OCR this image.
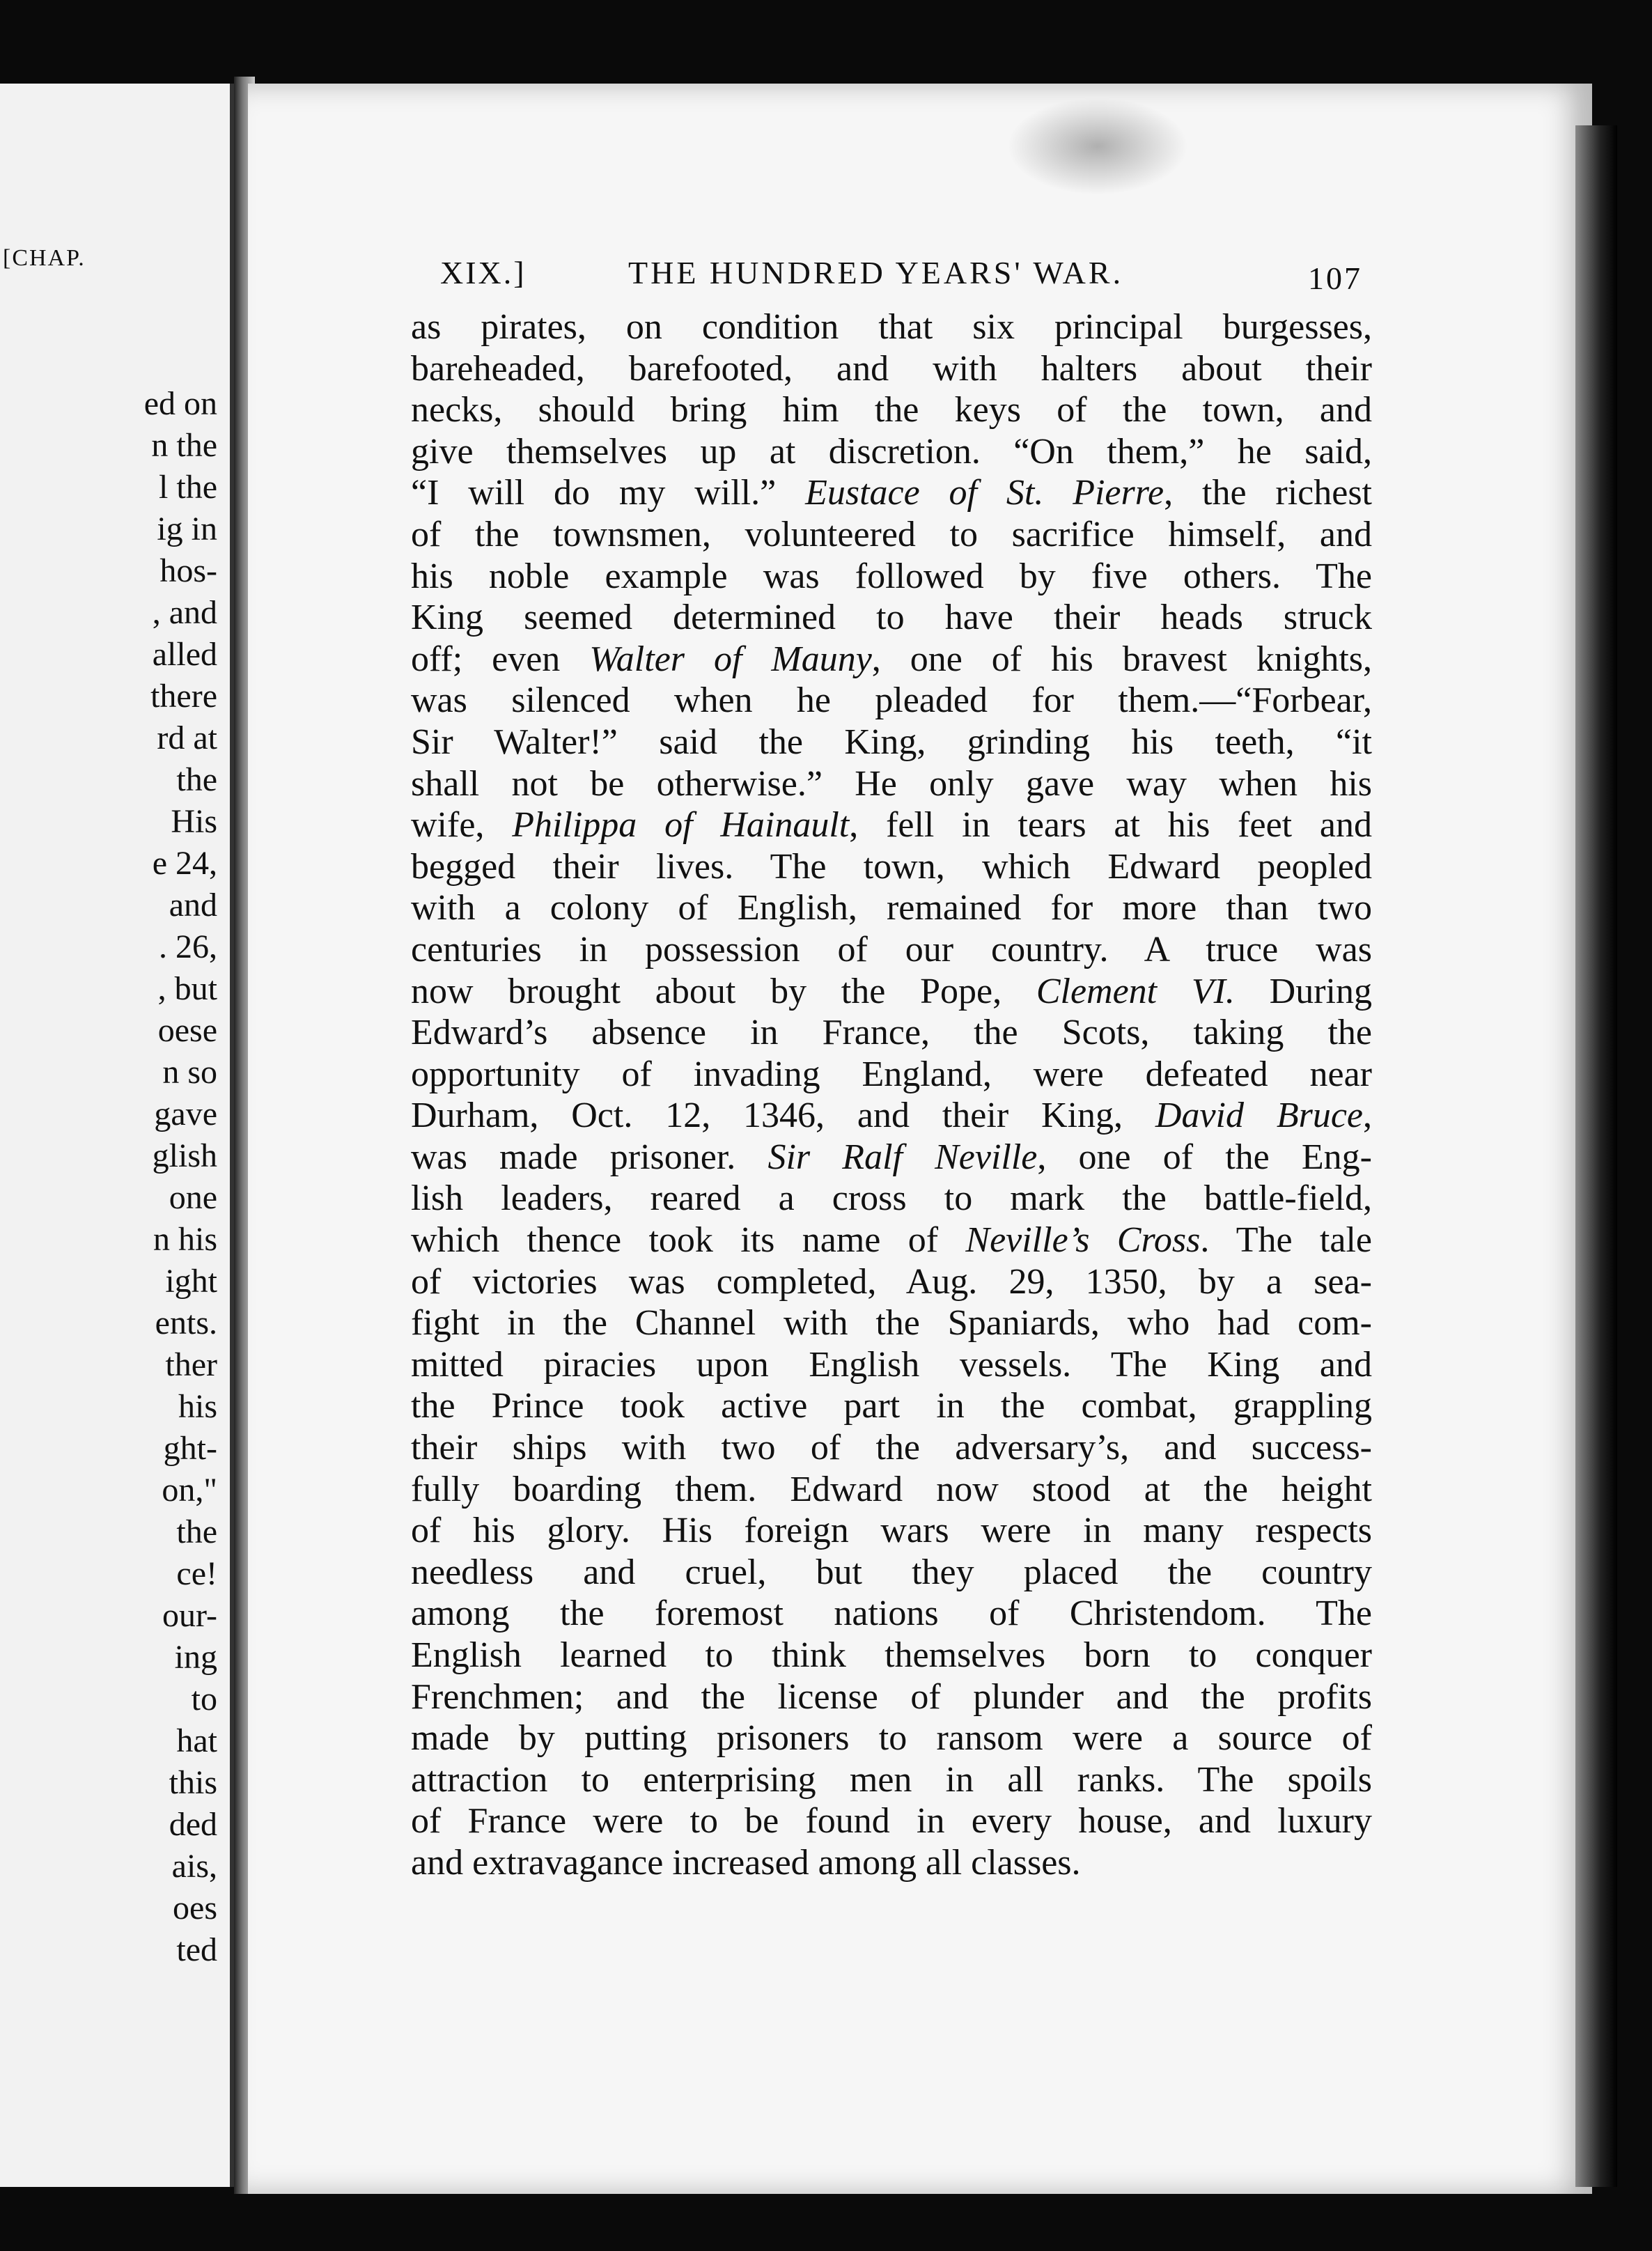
[CHAP.
ed on
n the
l the
ig in
hos-
, and
alled
there
rd at
the
His
e 24,
and
. 26,
, but
oese
n so
gave
glish
one
n his
ight
ents.
ther
his
ght-
on,"
the
ce!
our-
ing
to
hat
this
ded
ais,
oes
ted
XIX.]	THE HUNDRED YEARS' WAR.	107
as pirates, on condition that six principal burgesses,
bareheaded, barefooted, and with halters about their
necks, should bring him the keys of the town, and
give themselves up at discretion. “On them,” he said,
“I will do my will.” Eustace of St. Pierre, the richest
of the townsmen, volunteered to sacrifice himself, and
his noble example was followed by five others. The
King seemed determined to have their heads struck
off; even Walter of Mauny, one of his bravest knights,
was silenced when he pleaded for them.—“Forbear,
Sir Walter!” said the King, grinding his teeth, “it
shall not be otherwise.” He only gave way when his
wife, Philippa of Hainault, fell in tears at his feet and
begged their lives. The town, which Edward peopled
with a colony of English, remained for more than two
centuries in possession of our country. A truce was
now brought about by the Pope, Clement VI. During
Edward’s absence in France, the Scots, taking the
opportunity of invading England, were defeated near
Durham, Oct. 12, 1346, and their King, David Bruce,
was made prisoner. Sir Ralf Neville, one of the Eng-
lish leaders, reared a cross to mark the battle-field,
which thence took its name of Neville’s Cross. The tale
of victories was completed, Aug. 29, 1350, by a sea-
fight in the Channel with the Spaniards, who had com-
mitted piracies upon English vessels. The King and
the Prince took active part in the combat, grappling
their ships with two of the adversary’s, and success-
fully boarding them. Edward now stood at the height
of his glory. His foreign wars were in many respects
needless and cruel, but they placed the country
among the foremost nations of Christendom. The
English learned to think themselves born to conquer
Frenchmen; and the license of plunder and the profits
made by putting prisoners to ransom were a source of
attraction to enterprising men in all ranks. The spoils
of France were to be found in every house, and luxury
and extravagance increased among all classes.
